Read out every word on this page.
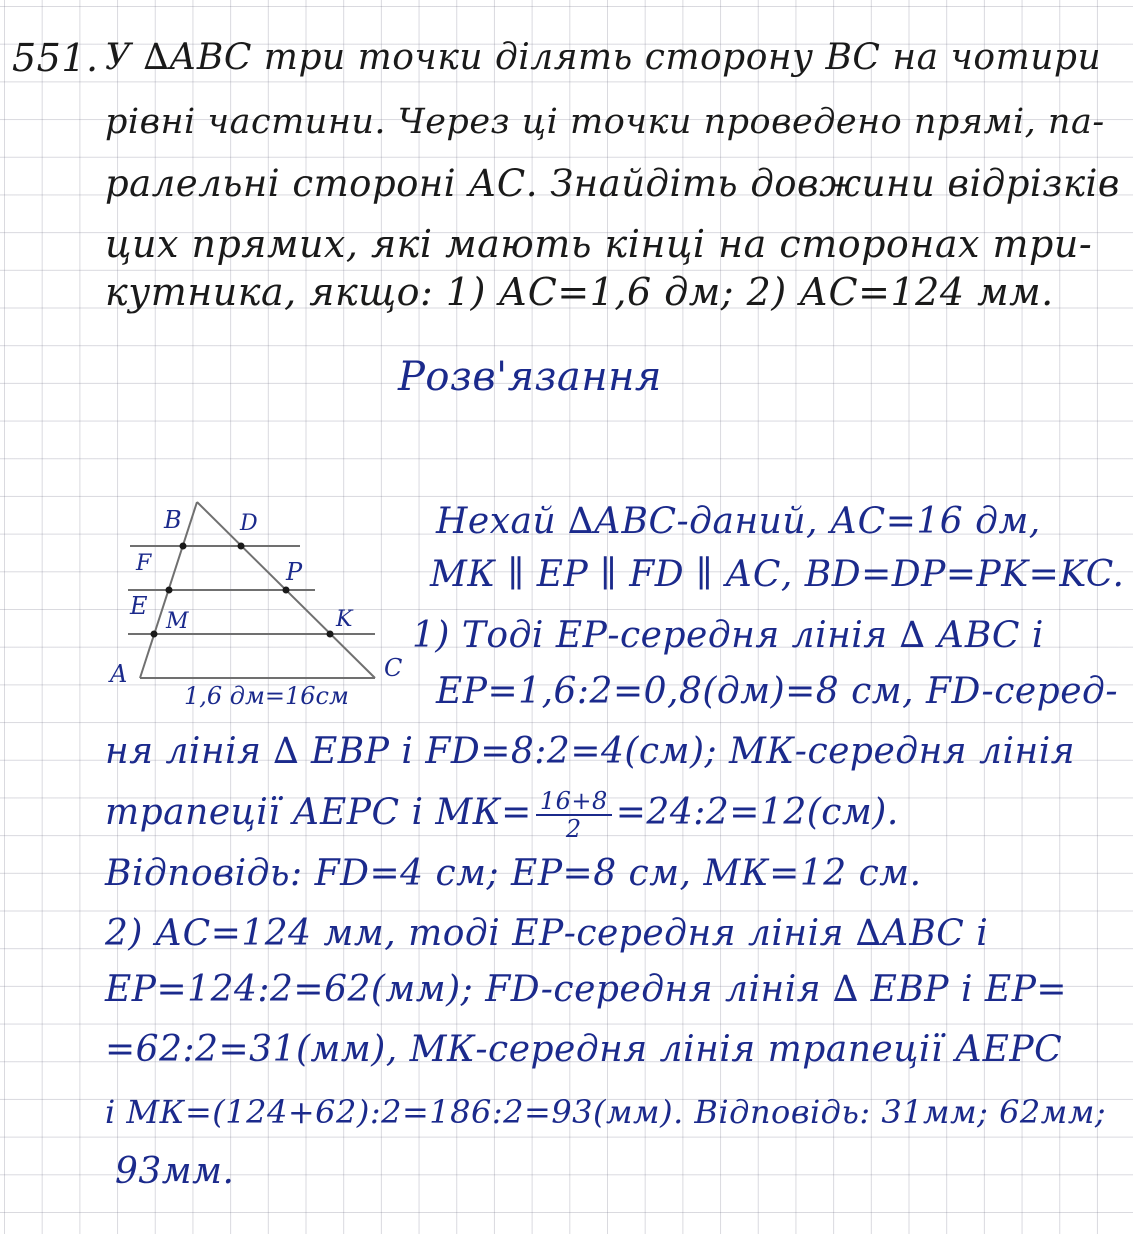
551. У ∆АВС три точки ділять сторону ВС на чотири
рівні частини. Через ці точки проведено прямі, па-
ралельні стороні АС. Знайдіть довжини відрізків
цих прямих, які мають кінці на сторонах три-
кутника, якщо: 1) АС=1,6 дм; 2) АС=124 мм.
Розв'язання
B	D
F	P
E
M	K
A	C
1,6 дм=16см
Нехай ∆АВС-даний, АС=16 дм,
МК ∥ ЕР ∥ FD ∥ АС, BD=DP=PK=KC.
1) Тоді ЕР-середня лінія ∆ АВС і
ЕР=1,6:2=0,8(дм)=8 см, FD-серед-
ня лінія ∆ ЕВР і FD=8:2=4(см); МК-середня лінія
трапеції АЕРС і $МК= \frac{16+8}{2}$ =24:2=12(см).
Відповідь: FD=4 см; ЕР=8 см, МК=12 см.
2) АС=124 мм, тоді ЕР-середня лінія ∆АВС і
ЕР=124:2=62(мм); FD-середня лінія ∆ ЕВР і ЕР=
=62:2=31(мм), МК-середня лінія трапеції АЕРС
і МК=(124+62):2=186:2=93(мм). Відповідь: 31мм; 62мм;
93мм.
